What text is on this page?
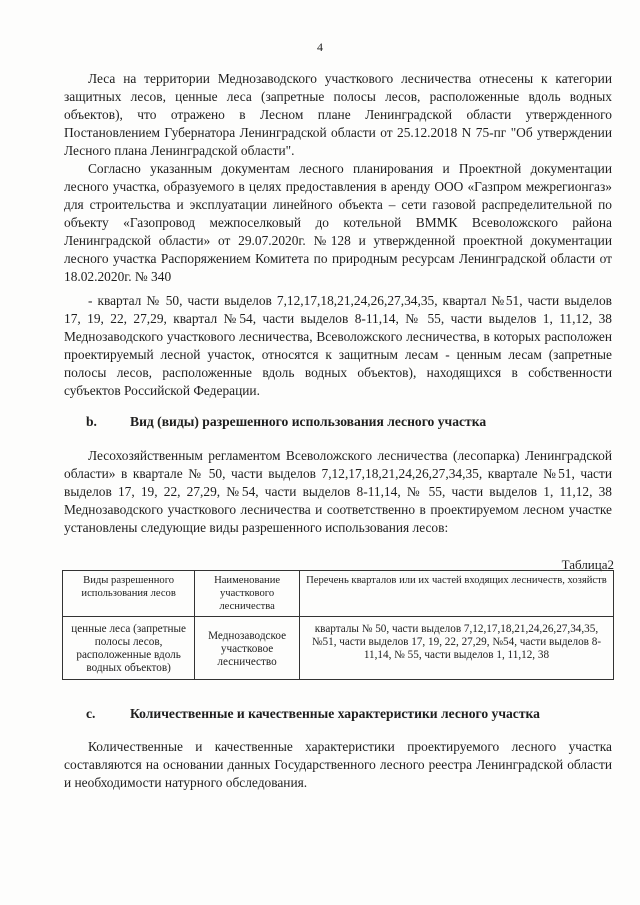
4

Леса на территории Меднозаводского участкового лесничества отнесены к категории защитных лесов, ценные леса (запретные полосы лесов, расположенные вдоль водных объектов), что отражено в Лесном плане Ленинградской области утвержденного Постановлением Губернатора Ленинградской области от 25.12.2018 N 75-пг "Об утверждении Лесного плана Ленинградской области".

Согласно указанным документам лесного планирования и Проектной документации лесного участка, образуемого в целях предоставления в аренду ООО «Газпром межрегионгаз» для строительства и эксплуатации линейного объекта – сети газовой распределительной по объекту «Газопровод межпоселковый до котельной ВММК Всеволожского района Ленинградской области» от 29.07.2020г. №128 и утвержденной проектной документации лесного участка Распоряжением Комитета по природным ресурсам Ленинградской области от 18.02.2020г. № 340

- квартал № 50, части выделов 7,12,17,18,21,24,26,27,34,35, квартал №51, части выделов 17, 19, 22, 27,29, квартал №54, части выделов 8-11,14, № 55, части выделов 1, 11,12, 38 Меднозаводского участкового лесничества, Всеволожского лесничества, в которых расположен проектируемый лесной участок, относятся к защитным лесам - ценным лесам (запретные полосы лесов, расположенные вдоль водных объектов), находящихся в собственности субъектов Российской Федерации.

b. Вид (виды) разрешенного использования лесного участка

Лесохозяйственным регламентом Всеволожского лесничества (лесопарка) Ленинградской области» в квартале № 50, части выделов 7,12,17,18,21,24,26,27,34,35, квартале №51, части выделов 17, 19, 22, 27,29, №54, части выделов 8-11,14, № 55, части выделов 1, 11,12, 38 Меднозаводского участкового лесничества и соответственно в проектируемом лесном участке установлены следующие виды разрешенного использования лесов:

Таблица2
Виды разрешенного использования лесов	Наименование участкового лесничества	Перечень кварталов или их частей входящих лесничеств, хозяйств
ценные леса (запретные полосы лесов, расположенные вдоль водных объектов)	Меднозаводское участковое лесничество	кварталы № 50, части выделов 7,12,17,18,21,24,26,27,34,35, №51, части выделов 17, 19, 22, 27,29, №54, части выделов 8-11,14, № 55, части выделов 1, 11,12, 38
c.	Количественные и качественные характеристики лесного участка

Количественные и качественные характеристики проектируемого лесного участка составляются на основании данных Государственного лесного реестра Ленинградской области и необходимости натурного обследования.
